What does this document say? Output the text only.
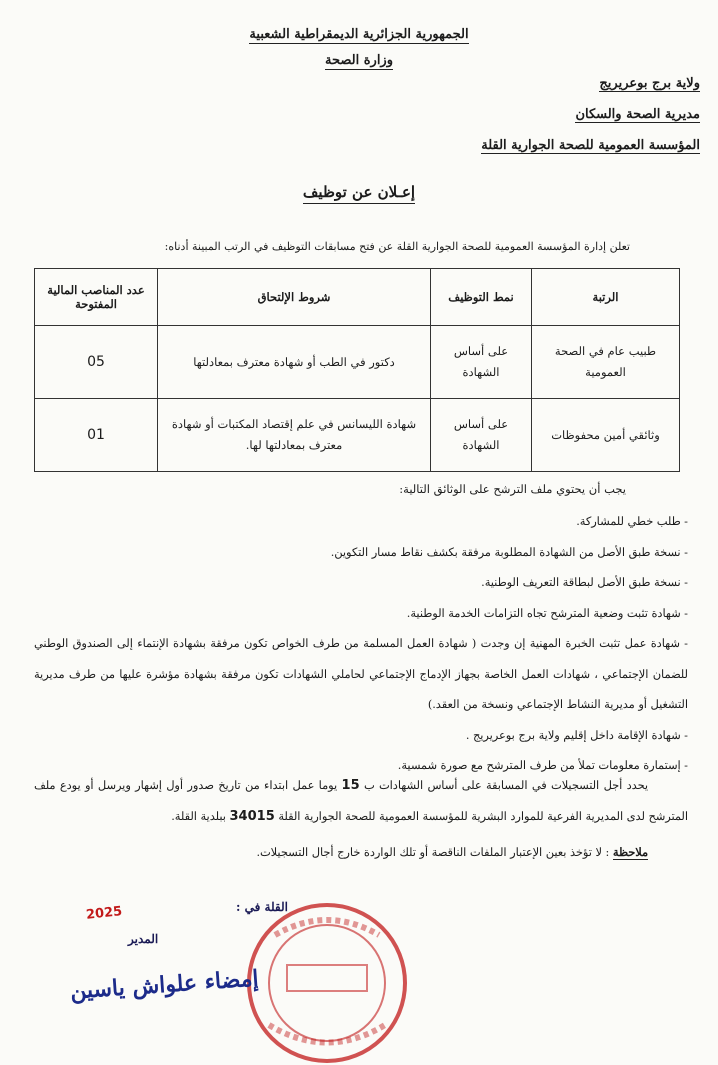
الجمهورية الجزائرية الديمقراطية الشعبية
وزارة الصحة
ولاية برج بوعريريج
مديرية الصحة والسكان
المؤسسة العمومية للصحة الجوارية القلة
إعـلان عن توظيف
تعلن إدارة المؤسسة العمومية للصحة الجوارية القلة عن فتح مسابقات التوظيف في الرتب المبينة أدناه:
الرتبة	نمط التوظيف	شروط الإلتحاق	عدد المناصب المالية المفتوحة
طبيب عام في الصحة العمومية	على أساس الشهادة	دكتور في الطب أو شهادة معترف بمعادلتها	05
وثائقي أمين محفوظات	على أساس الشهادة	شهادة الليسانس في علم إقتصاد المكتبات أو شهادة معترف بمعادلتها لها.	01
يجب أن يحتوي ملف الترشح على الوثائق التالية:
- طلب خطي للمشاركة.
- نسخة طبق الأصل من الشهادة المطلوبة مرفقة بكشف نقاط مسار التكوين.
- نسخة طبق الأصل لبطاقة التعريف الوطنية.
- شهادة تثبت وضعية المترشح تجاه التزامات الخدمة الوطنية.
- شهادة عمل تثبت الخبرة المهنية إن وجدت ( شهادة العمل المسلمة من طرف الخواص تكون مرفقة بشهادة الإنتماء إلى الصندوق الوطني للضمان الإجتماعي ، شهادات العمل الخاصة بجهاز الإدماج الإجتماعي لحاملي الشهادات تكون مرفقة بشهادة مؤشرة عليها من طرف مديرية التشغيل أو مديرية النشاط الإجتماعي ونسخة من العقد.)
- شهادة الإقامة داخل إقليم ولاية برج بوعريريج .
- إستمارة معلومات تملأ من طرف المترشح مع صورة شمسية.
يحدد أجل التسجيلات في المسابقة على أساس الشهادات ب 15 يوما عمل ابتداء من تاريخ صدور أول إشهار ويرسل أو يودع ملف المترشح لدى المديرية الفرعية للموارد البشرية للمؤسسة العمومية للصحة الجوارية القلة 34015 ببلدية القلة.
ملاحظة : لا تؤخذ بعين الإعتبار الملفات الناقصة أو تلك الواردة خارج أجال التسجيلات.
القلة في :
2025
المدير
إمضاء علواش ياسين
